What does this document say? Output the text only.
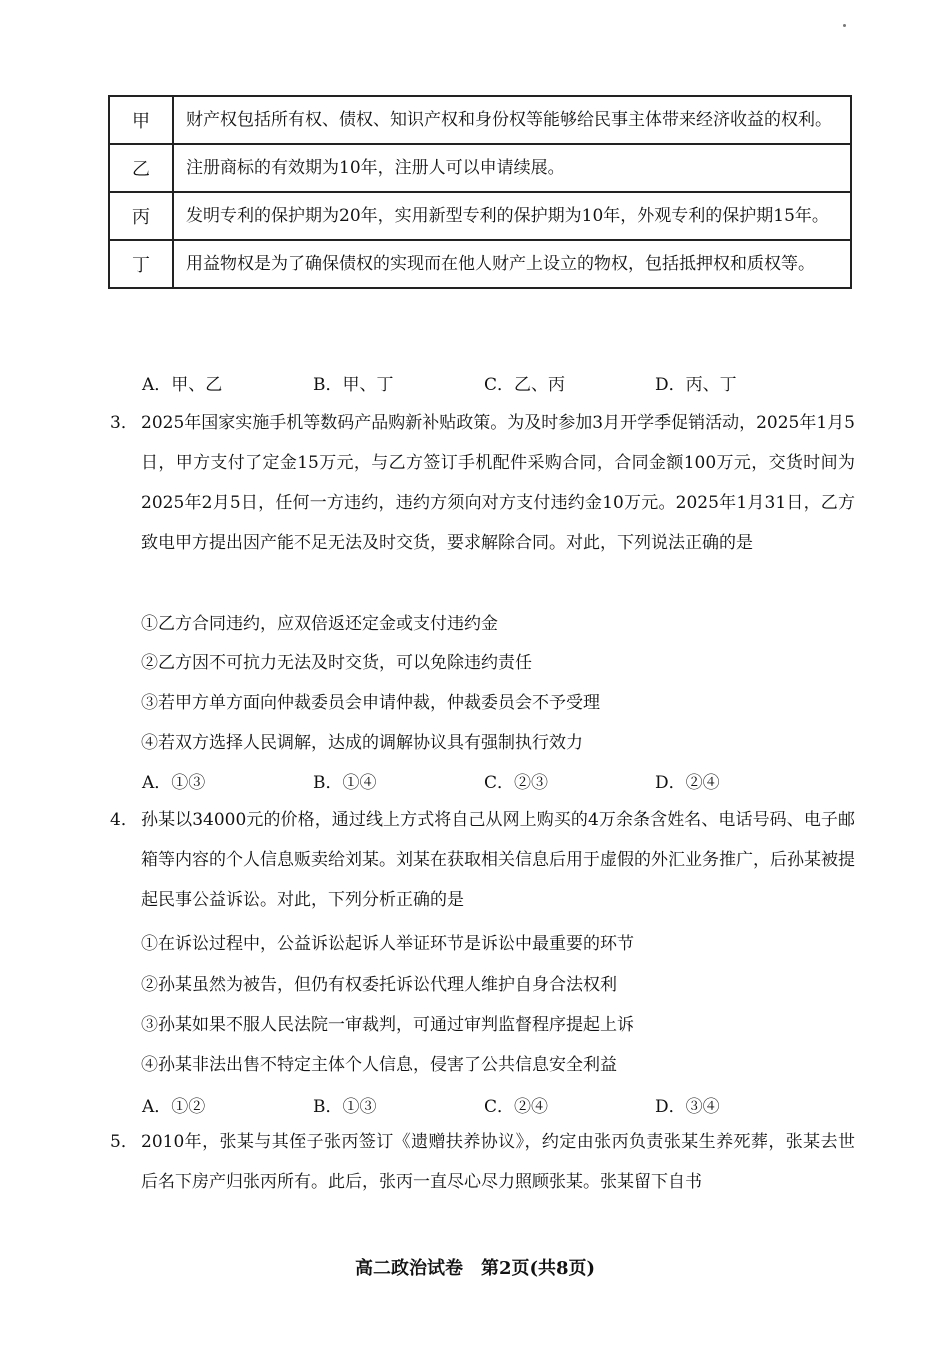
甲	财产权包括所有权、债权、知识产权和身份权等能够给民事主体带来经济收益的权利。
乙	注册商标的有效期为10年，注册人可以申请续展。
丙	发明专利的保护期为20年，实用新型专利的保护期为10年，外观专利的保护期15年。
丁	用益物权是为了确保债权的实现而在他人财产上设立的物权，包括抵押权和质权等。
A．甲、乙	B．甲、丁	C．乙、丙	D．丙、丁
3． 2025年国家实施手机等数码产品购新补贴政策。为及时参加3月开学季促销活动，2025年1月5日，甲方支付了定金15万元，与乙方签订手机配件采购合同，合同金额100万元，交货时间为2025年2月5日，任何一方违约，违约方须向对方支付违约金10万元。2025年1月31日，乙方致电甲方提出因产能不足无法及时交货，要求解除合同。对此，下列说法正确的是
①乙方合同违约，应双倍返还定金或支付违约金
②乙方因不可抗力无法及时交货，可以免除违约责任
③若甲方单方面向仲裁委员会申请仲裁，仲裁委员会不予受理
④若双方选择人民调解，达成的调解协议具有强制执行效力
A．①③	B．①④	C．②③	D．②④
4． 孙某以34000元的价格，通过线上方式将自己从网上购买的4万余条含姓名、电话号码、电子邮箱等内容的个人信息贩卖给刘某。刘某在获取相关信息后用于虚假的外汇业务推广，后孙某被提起民事公益诉讼。对此，下列分析正确的是
①在诉讼过程中，公益诉讼起诉人举证环节是诉讼中最重要的环节
②孙某虽然为被告，但仍有权委托诉讼代理人维护自身合法权利
③孙某如果不服人民法院一审裁判，可通过审判监督程序提起上诉
④孙某非法出售不特定主体个人信息，侵害了公共信息安全利益
A．①②	B．①③	C．②④	D．③④
5． 2010年，张某与其侄子张丙签订《遗赠扶养协议》，约定由张丙负责张某生养死葬，张某去世后名下房产归张丙所有。此后，张丙一直尽心尽力照顾张某。张某留下自书
高二政治试卷　第2页(共8页)
